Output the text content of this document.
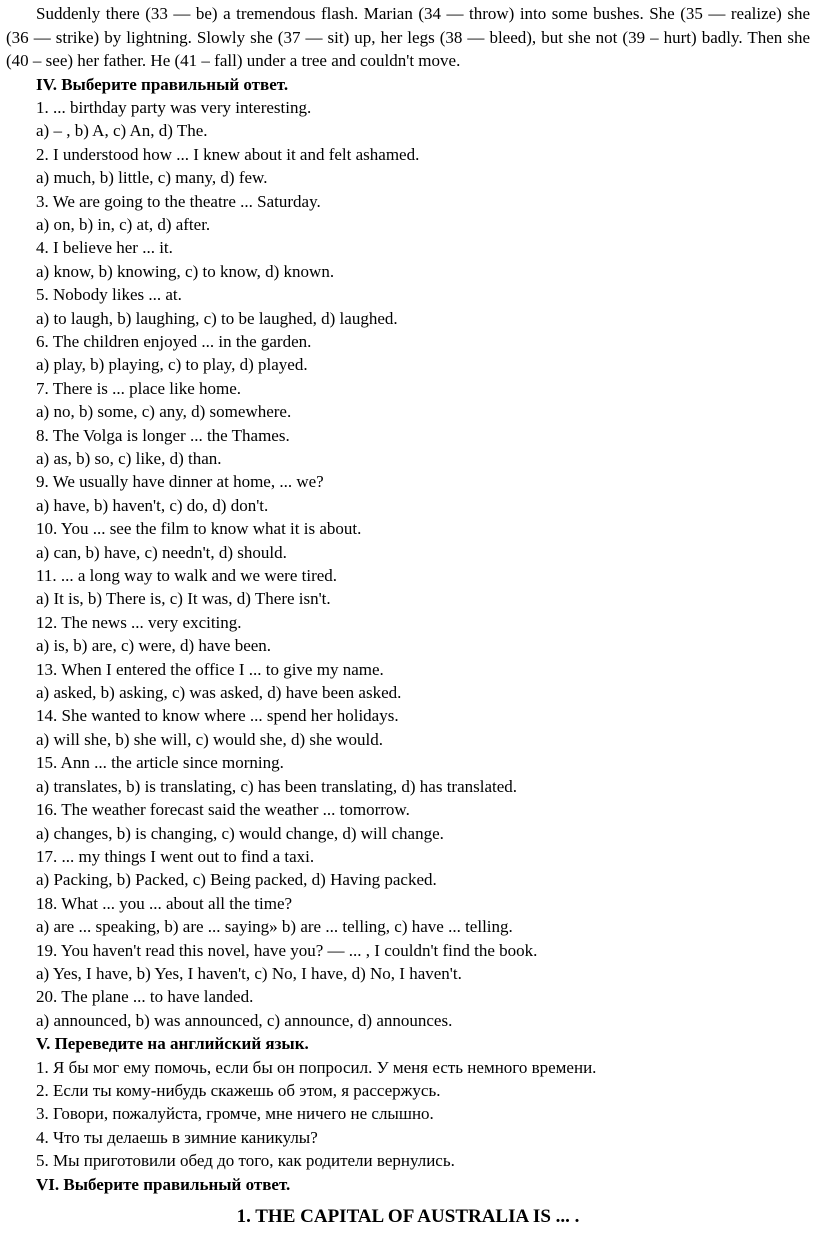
Suddenly there (33 — be) a tremendous flash. Marian (34 — throw) into some bushes. She (35 — realize) she (36 — strike) by lightning. Slowly she (37 — sit) up, her legs (38 — bleed), but she not (39 – hurt) badly. Then she (40 – see) her father. He (41 – fall) under a tree and couldn't move.

IV. Выберите правильный ответ.

1. ... birthday party was very interesting.

a) – , b) A, c) An, d) The.

2. I understood how ... I knew about it and felt ashamed.

a) much, b) little, c) many, d) few.

3. We are going to the theatre ... Saturday.

a) on, b) in, c) at, d) after.

4. I believe her ... it.

a) know, b) knowing, c) to know, d) known.

5. Nobody likes ... at.

a) to laugh, b) laughing, c) to be laughed, d) laughed.

6. The children enjoyed ... in the garden.

a) play, b) playing, c) to play, d) played.

7. There is ... place like home.

a) no, b) some, c) any, d) somewhere.

8. The Volga is longer ... the Thames.

a) as, b) so, c) like, d) than.

9. We usually have dinner at home, ... we?

a) have, b) haven't, c) do, d) don't.

10. You ... see the film to know what it is about.

a) can, b) have, c) needn't, d) should.

11. ... a long way to walk and we were tired.

a) It is, b) There is, c) It was, d) There isn't.

12. The news ... very exciting.

a) is, b) are, c) were, d) have been.

13. When I entered the office I ... to give my name.

a) asked, b) asking, c) was asked, d) have been asked.

14. She wanted to know where ... spend her holidays.

a) will she, b) she will, c) would she, d) she would.

15. Ann ... the article since morning.

a) translates, b) is translating, c) has been translating, d) has translated.

16. The weather forecast said the weather ... tomorrow.

a) changes, b) is changing, c) would change, d) will change.

17. ... my things I went out to find a taxi.

a) Packing, b) Packed, c) Being packed, d) Having packed.

18. What ... you ... about all the time?

a) are ... speaking, b) are ... saying» b) are ... telling, c) have ... telling.

19. You haven't read this novel, have you? — ... , I couldn't find the book.

a) Yes, I have, b) Yes, I haven't, c) No, I have, d) No, I haven't.

20. The plane ... to have landed.

a) announced, b) was announced, c) announce, d) announces.

V. Переведите на английский язык.

1. Я бы мог ему помочь, если бы он попросил. У меня есть немного времени.

2. Если ты кому-нибудь скажешь об этом, я рассержусь.

3. Говори, пожалуйста, громче, мне ничего не слышно.

4. Что ты делаешь в зимние каникулы?

5. Мы приготовили обед до того, как родители вернулись.

VI. Выберите правильный ответ.

1. THE CAPITAL OF AUSTRALIA IS ... .
